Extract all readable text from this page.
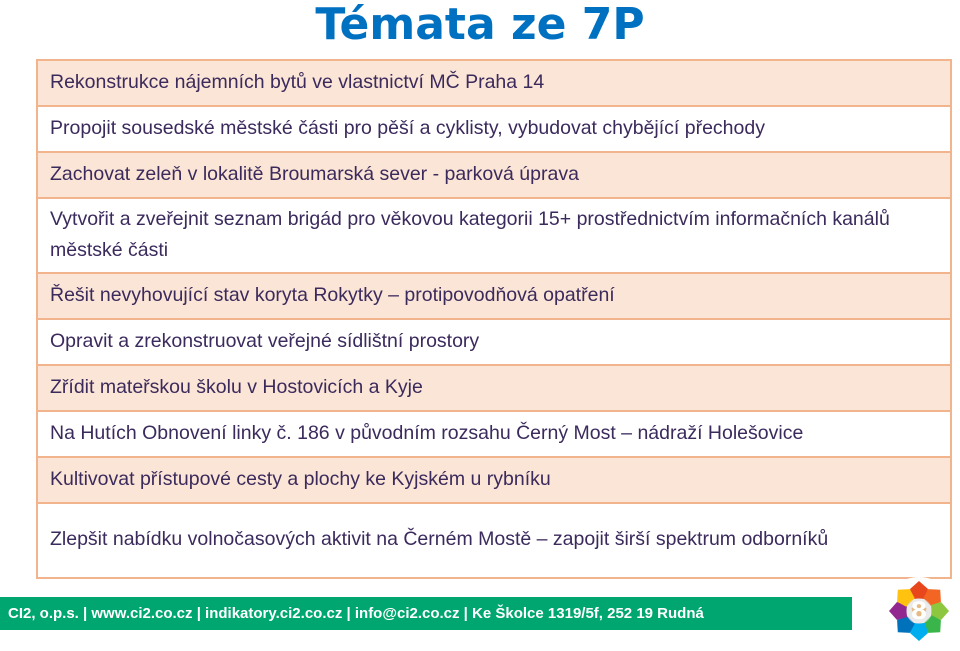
Témata ze 7P
Rekonstrukce nájemních bytů ve vlastnictví MČ Praha 14
Propojit sousedské městské části pro pěší a cyklisty, vybudovat chybějící přechody
Zachovat zeleň v lokalitě Broumarská sever - parková úprava
Vytvořit a zveřejnit seznam brigád pro věkovou kategorii 15+ prostřednictvím informačních kanálů městské části
Řešit nevyhovující stav koryta Rokytky – protipovodňová opatření
Opravit a zrekonstruovat veřejné sídlištní prostory
Zřídit mateřskou školu v Hostovicích a Kyje
Na Hutích Obnovení linky č. 186 v původním rozsahu Černý Most – nádraží Holešovice
Kultivovat přístupové cesty a plochy ke Kyjském u rybníku
Zlepšit nabídku volnočasových aktivit na Černém Mostě – zapojit širší spektrum odborníků
CI2, o.p.s. | www.ci2.co.cz | indikatory.ci2.co.cz | info@ci2.co.cz | Ke Školce 1319/5f, 252 19 Rudná	8
